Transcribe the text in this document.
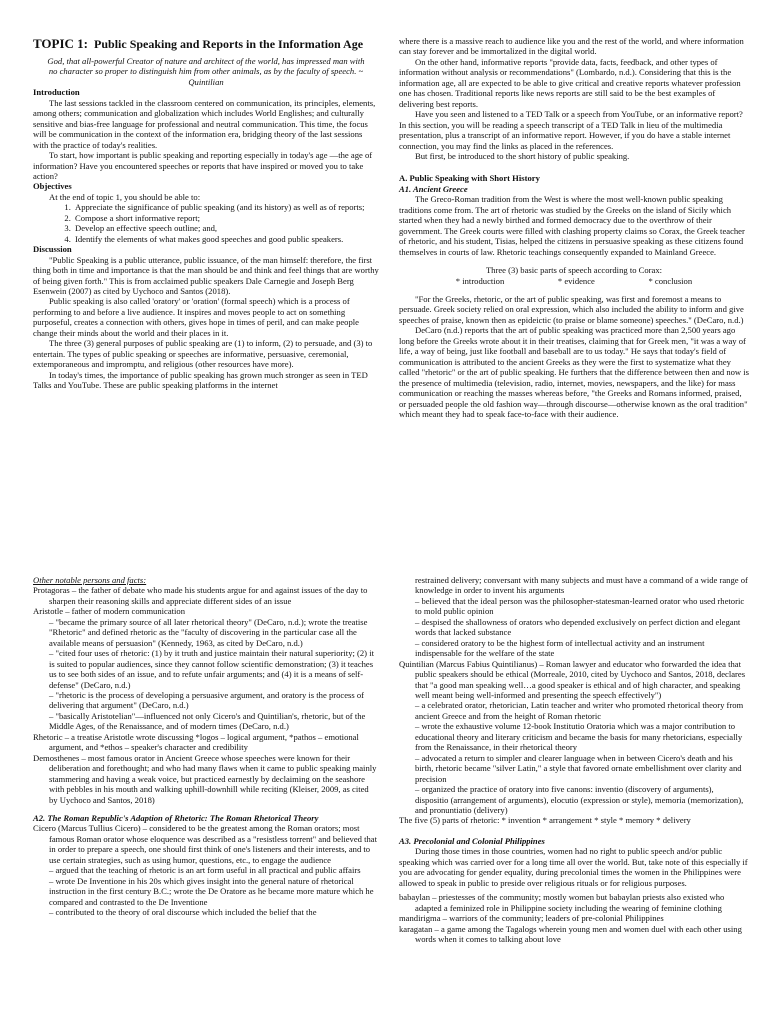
TOPIC 1: Public Speaking and Reports in the Information Age

God, that all-powerful Creator of nature and architect of the world, has impressed man with no character so proper to distinguish him from other animals, as by the faculty of speech. ~ Quintilian

Introduction

The last sessions tackled in the classroom centered on communication, its principles, elements, among others; communication and globalization which includes World Englishes; and culturally sensitive and bias-free language for professional and neutral communication. This time, the focus will be communication in the context of the information era, bridging theory of the last sessions with the practice of today's realities.

To start, how important is public speaking and reporting especially in today's age —the age of information? Have you encountered speeches or reports that have inspired or moved you to take action?

Objectives

At the end of topic 1, you should be able to:

1. Appreciate the significance of public speaking (and its history) as well as of reports;
2. Compose a short informative report;
3. Develop an effective speech outline; and,
4. Identify the elements of what makes good speeches and good public speakers.

Discussion

"Public Speaking is a public utterance, public issuance, of the man himself: therefore, the first thing both in time and importance is that the man should be and think and feel things that are worthy of being given forth." This is from acclaimed public speakers Dale Carnegie and Joseph Berg Esenwein (2007) as cited by Uychoco and Santos (2018).

Public speaking is also called 'oratory' or 'oration' (formal speech) which is a process of performing to and before a live audience. It inspires and moves people to act on something purposeful, creates a connection with others, gives hope in times of peril, and can make people change their minds about the world and their places in it.

The three (3) general purposes of public speaking are (1) to inform, (2) to persuade, and (3) to entertain. The types of public speaking or speeches are informative, persuasive, ceremonial, extemporaneous and impromptu, and religious (other resources have more).

In today's times, the importance of public speaking has grown much stronger as seen in TED Talks and YouTube. These are public speaking platforms in the internet

where there is a massive reach to audience like you and the rest of the world, and where information can stay forever and be immortalized in the digital world.

On the other hand, informative reports "provide data, facts, feedback, and other types of information without analysis or recommendations" (Lombardo, n.d.). Considering that this is the information age, all are expected to be able to give critical and creative reports whatever profession one has chosen. Traditional reports like news reports are still said to be the best examples of delivering best reports.

Have you seen and listened to a TED Talk or a speech from YouTube, or an informative report? In this section, you will be reading a speech transcript of a TED Talk in lieu of the multimedia presentation, plus a transcript of an informative report. However, if you do have a stable internet connection, you may find the links as placed in the references.

But first, be introduced to the short history of public speaking.

A. Public Speaking with Short History

A1. Ancient Greece

The Greco-Roman tradition from the West is where the most well-known public speaking traditions come from. The art of rhetoric was studied by the Greeks on the island of Sicily which started when they had a newly birthed and formed democracy due to the overthrow of their government. The Greek courts were filled with clashing property claims so Corax, the Greek teacher of rhetoric, and his student, Tisias, helped the citizens in persuasive speaking as these citizens found themselves in courts of law. Rhetoric teachings consequently expanded to Mainland Greece.

Three (3) basic parts of speech according to Corax:

* introduction	* evidence	* conclusion

"For the Greeks, rhetoric, or the art of public speaking, was first and foremost a means to persuade. Greek society relied on oral expression, which also included the ability to inform and give speeches of praise, known then as epideictic (to praise or blame someone) speeches." (DeCaro, n.d.)

DeCaro (n.d.) reports that the art of public speaking was practiced more than 2,500 years ago long before the Greeks wrote about it in their treatises, claiming that for Greek men, "it was a way of life, a way of being, just like football and baseball are to us today." He says that today's field of communication is attributed to the ancient Greeks as they were the first to systematize what they called "rhetoric" or the art of public speaking. He furthers that the difference between then and now is the presence of multimedia (television, radio, internet, movies, newspapers, and the like) for mass communication or reaching the masses whereas before, "the Greeks and Romans informed, praised, or persuaded people the old fashion way—through discourse—otherwise known as the oral tradition" which meant they had to speak face-to-face with their audience.

Other notable persons and facts:

Protagoras – the father of debate who made his students argue for and against issues of the day to sharpen their reasoning skills and appreciate different sides of an issue

Aristotle – father of modern communication

– "became the primary source of all later rhetorical theory" (DeCaro, n.d.); wrote the treatise "Rhetoric" and defined rhetoric as the "faculty of discovering in the particular case all the available means of persuasion" (Kennedy, 1963, as cited by DeCaro, n.d.)

– "cited four uses of rhetoric: (1) by it truth and justice maintain their natural superiority; (2) it is suited to popular audiences, since they cannot follow scientific demonstration; (3) it teaches us to see both sides of an issue, and to refute unfair arguments; and (4) it is a means of self-defense" (DeCaro, n.d.)

– "rhetoric is the process of developing a persuasive argument, and oratory is the process of delivering that argument" (DeCaro, n.d.)

– "basically Aristotelian"—influenced not only Cicero's and Quintilian's, rhetoric, but of the Middle Ages, of the Renaissance, and of modern times (DeCaro, n.d.)

Rhetoric – a treatise Aristotle wrote discussing *logos – logical argument, *pathos – emotional argument, and *ethos – speaker's character and credibility

Demosthenes – most famous orator in Ancient Greece whose speeches were known for their deliberation and forethought; and who had many flaws when it came to public speaking mainly stammering and having a weak voice, but practiced earnestly by declaiming on the seashore with pebbles in his mouth and walking uphill-downhill while reciting (Kleiser, 2009, as cited by Uychoco and Santos, 2018)

A2. The Roman Republic's Adaption of Rhetoric: The Roman Rhetorical Theory

Cicero (Marcus Tullius Cicero) – considered to be the greatest among the Roman orators; most famous Roman orator whose eloquence was described as a "resistless torrent" and believed that in order to prepare a speech, one should first think of one's listeners and their interests, and to use certain strategies, such as using humor, questions, etc., to engage the audience

– argued that the teaching of rhetoric is an art form useful in all practical and public affairs

– wrote De Inventione in his 20s which gives insight into the general nature of rhetorical instruction in the first century B.C.; wrote the De Oratore as he became more mature which he compared and contrasted to the De Inventione

– contributed to the theory of oral discourse which included the belief that the

restrained delivery; conversant with many subjects and must have a command of a wide range of knowledge in order to invent his arguments

– believed that the ideal person was the philosopher-statesman-learned orator who used rhetoric to mold public opinion

– despised the shallowness of orators who depended exclusively on perfect diction and elegant words that lacked substance

– considered oratory to be the highest form of intellectual activity and an instrument indispensable for the welfare of the state

Quintilian (Marcus Fabius Quintilianus) – Roman lawyer and educator who forwarded the idea that public speakers should be ethical (Morreale, 2010, cited by Uychoco and Santos, 2018, declares that "a good man speaking well…a good speaker is ethical and of high character, and speaking well meant being well-informed and presenting the speech effectively")

– a celebrated orator, rhetorician, Latin teacher and writer who promoted rhetorical theory from ancient Greece and from the height of Roman rhetoric

– wrote the exhaustive volume 12-book Institutio Oratoria which was a major contribution to educational theory and literary criticism and became the basis for many rhetoricians, especially from the Renaissance, in their rhetorical theory

– advocated a return to simpler and clearer language when in between Cicero's death and his birth, rhetoric became "silver Latin," a style that favored ornate embellishment over clarity and precision

– organized the practice of oratory into five canons: inventio (discovery of arguments), dispositio (arrangement of arguments), elocutio (expression or style), memoria (memorization), and pronuntiatio (delivery)

The five (5) parts of rhetoric: * invention * arrangement * style * memory * delivery

A3. Precolonial and Colonial Philippines

During those times in those countries, women had no right to public speech and/or public speaking which was carried over for a long time all over the world. But, take note of this especially if you are advocating for gender equality, during precolonial times the women in the Philippines were allowed to speak in public to preside over religious rituals or for religious purposes.

babaylan – priestesses of the community; mostly women but babaylan priests also existed who adapted a feminized role in Philippine society including the wearing of feminine clothing

mandirigma – warriors of the community; leaders of pre-colonial Philippines

karagatan – a game among the Tagalogs wherein young men and women duel with each other using words when it comes to talking about love
